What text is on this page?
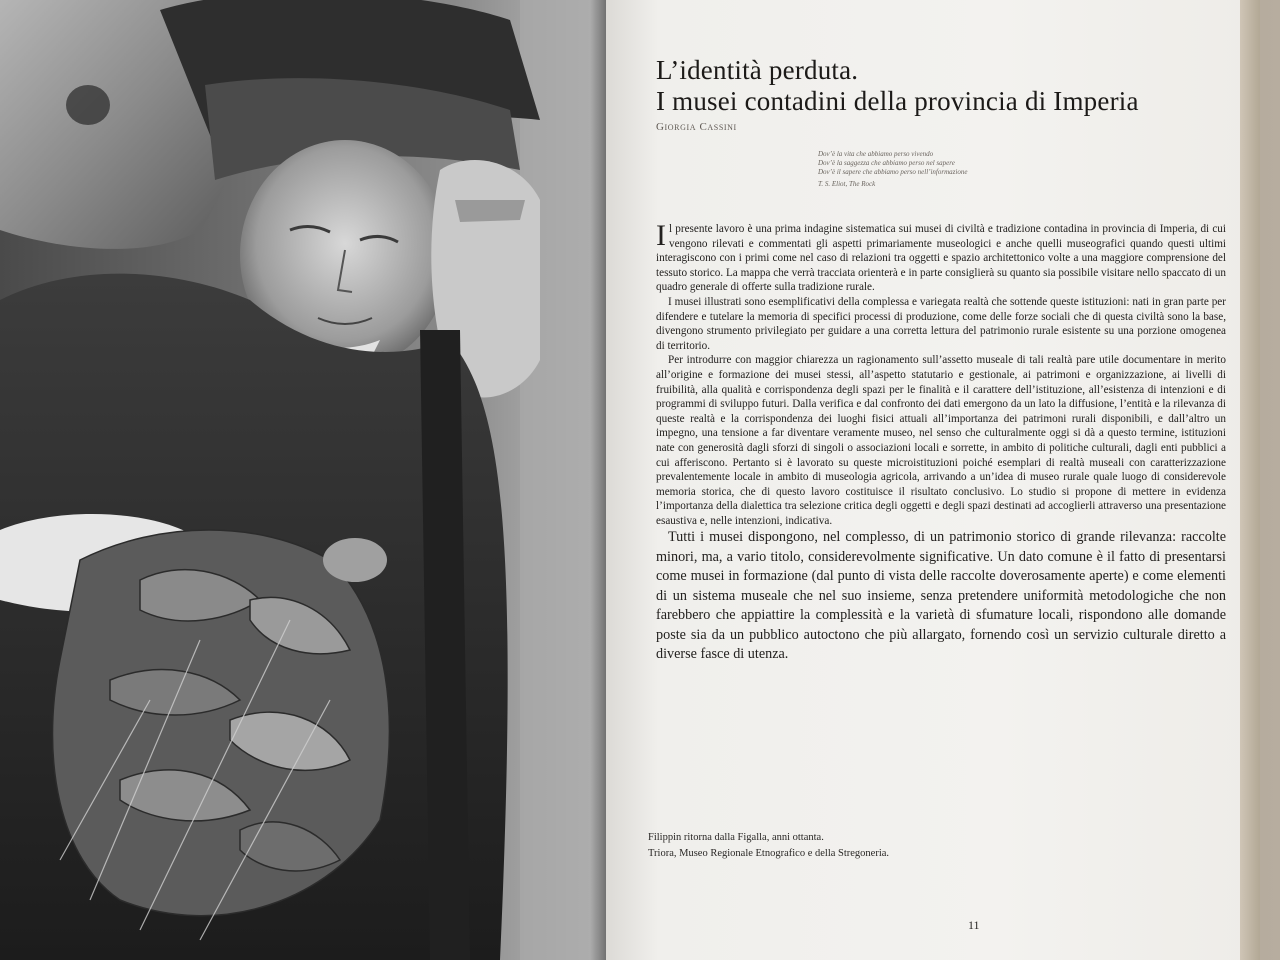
L’identità perduta.
I musei contadini della provincia di Imperia
Giorgia Cassini
Dov’è la vita che abbiamo perso vivendo
Dov’è la saggezza che abbiamo perso nel sapere
Dov’è il sapere che abbiamo perso nell’informazione
T. S. Eliot, The Rock

Il presente lavoro è una prima indagine sistematica sui musei di civiltà e tradizione contadina in provincia di Imperia, di cui vengono rilevati e commentati gli aspetti primariamente museologici e anche quelli museografici quando questi ultimi interagiscono con i primi come nel caso di relazioni tra oggetti e spazio architettonico volte a una maggiore comprensione del tessuto storico. La mappa che verrà tracciata orienterà e in parte consiglierà su quanto sia possibile visitare nello spaccato di un quadro generale di offerte sulla tradizione rurale.

I musei illustrati sono esemplificativi della complessa e variegata realtà che sottende queste istituzioni: nati in gran parte per difendere e tutelare la memoria di specifici processi di produzione, come delle forze sociali che di questa civiltà sono la base, divengono strumento privilegiato per guidare a una corretta lettura del patrimonio rurale esistente su una porzione omogenea di territorio.

Per introdurre con maggior chiarezza un ragionamento sull’assetto museale di tali realtà pare utile documentare in merito all’origine e formazione dei musei stessi, all’aspetto statutario e gestionale, ai patrimoni e organizzazione, ai livelli di fruibilità, alla qualità e corrispondenza degli spazi per le finalità e il carattere dell’istituzione, all’esistenza di intenzioni e di programmi di sviluppo futuri. Dalla verifica e dal confronto dei dati emergono da un lato la diffusione, l’entità e la rilevanza di queste realtà e la corrispondenza dei luoghi fisici attuali all’importanza dei patrimoni rurali disponibili, e dall’altro un impegno, una tensione a far diventare veramente museo, nel senso che culturalmente oggi si dà a questo termine, istituzioni nate con generosità dagli sforzi di singoli o associazioni locali e sorrette, in ambito di politiche culturali, dagli enti pubblici a cui afferiscono. Pertanto si è lavorato su queste microistituzioni poiché esemplari di realtà museali con caratterizzazione prevalentemente locale in ambito di museologia agricola, arrivando a un’idea di museo rurale quale luogo di considerevole memoria storica, che di questo lavoro costituisce il risultato conclusivo. Lo studio si propone di mettere in evidenza l’importanza della dialettica tra selezione critica degli oggetti e degli spazi destinati ad accoglierli attraverso una presentazione esaustiva e, nelle intenzioni, indicativa.

Tutti i musei dispongono, nel complesso, di un patrimonio storico di grande rilevanza: raccolte minori, ma, a vario titolo, considerevolmente significative. Un dato comune è il fatto di presentarsi come musei in formazione (dal punto di vista delle raccolte doverosamente aperte) e come elementi di un sistema museale che nel suo insieme, senza pretendere uniformità metodologiche che non farebbero che appiattire la complessità e la varietà di sfumature locali, rispondono alle domande poste sia da un pubblico autoctono che più allargato, fornendo così un servizio culturale diretto a diverse fasce di utenza.

Filippin ritorna dalla Figalla, anni ottanta.
Triora, Museo Regionale Etnografico e della Stregoneria.
11
